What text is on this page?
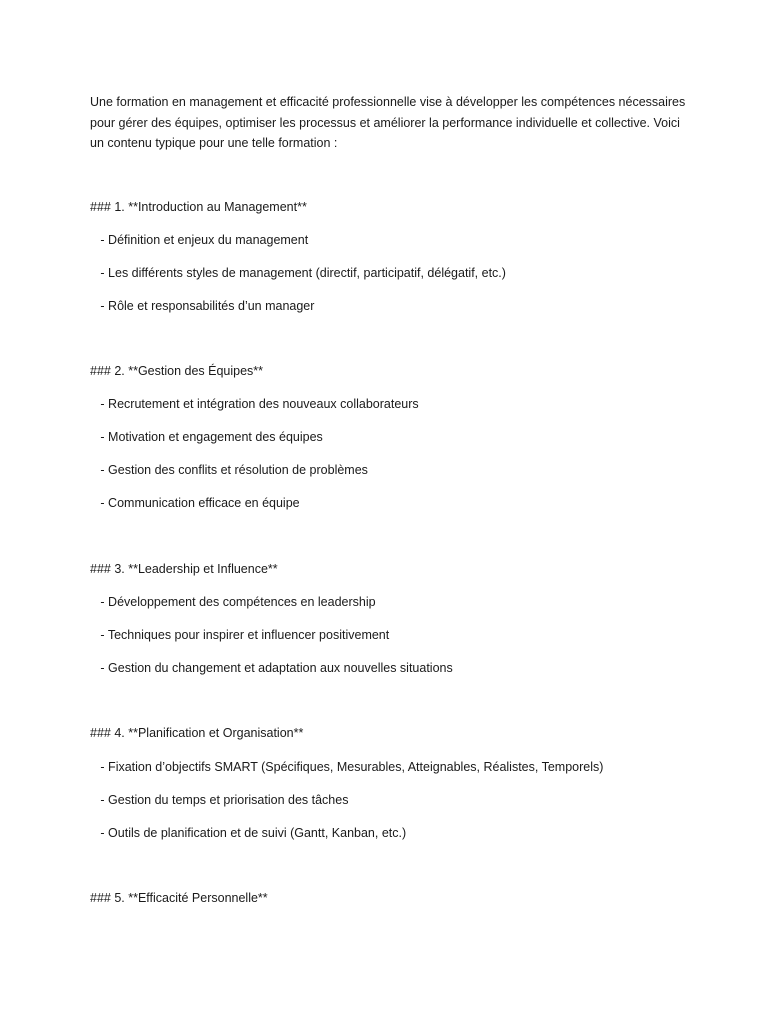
Une formation en management et efficacité professionnelle vise à développer les compétences nécessaires pour gérer des équipes, optimiser les processus et améliorer la performance individuelle et collective. Voici un contenu typique pour une telle formation :

### 1. **Introduction au Management**

- Définition et enjeux du management

- Les différents styles de management (directif, participatif, délégatif, etc.)

- Rôle et responsabilités d’un manager

### 2. **Gestion des Équipes**

- Recrutement et intégration des nouveaux collaborateurs

- Motivation et engagement des équipes

- Gestion des conflits et résolution de problèmes

- Communication efficace en équipe

### 3. **Leadership et Influence**

- Développement des compétences en leadership

- Techniques pour inspirer et influencer positivement

- Gestion du changement et adaptation aux nouvelles situations

### 4. **Planification et Organisation**

- Fixation d’objectifs SMART (Spécifiques, Mesurables, Atteignables, Réalistes, Temporels)

- Gestion du temps et priorisation des tâches

- Outils de planification et de suivi (Gantt, Kanban, etc.)

### 5. **Efficacité Personnelle**
